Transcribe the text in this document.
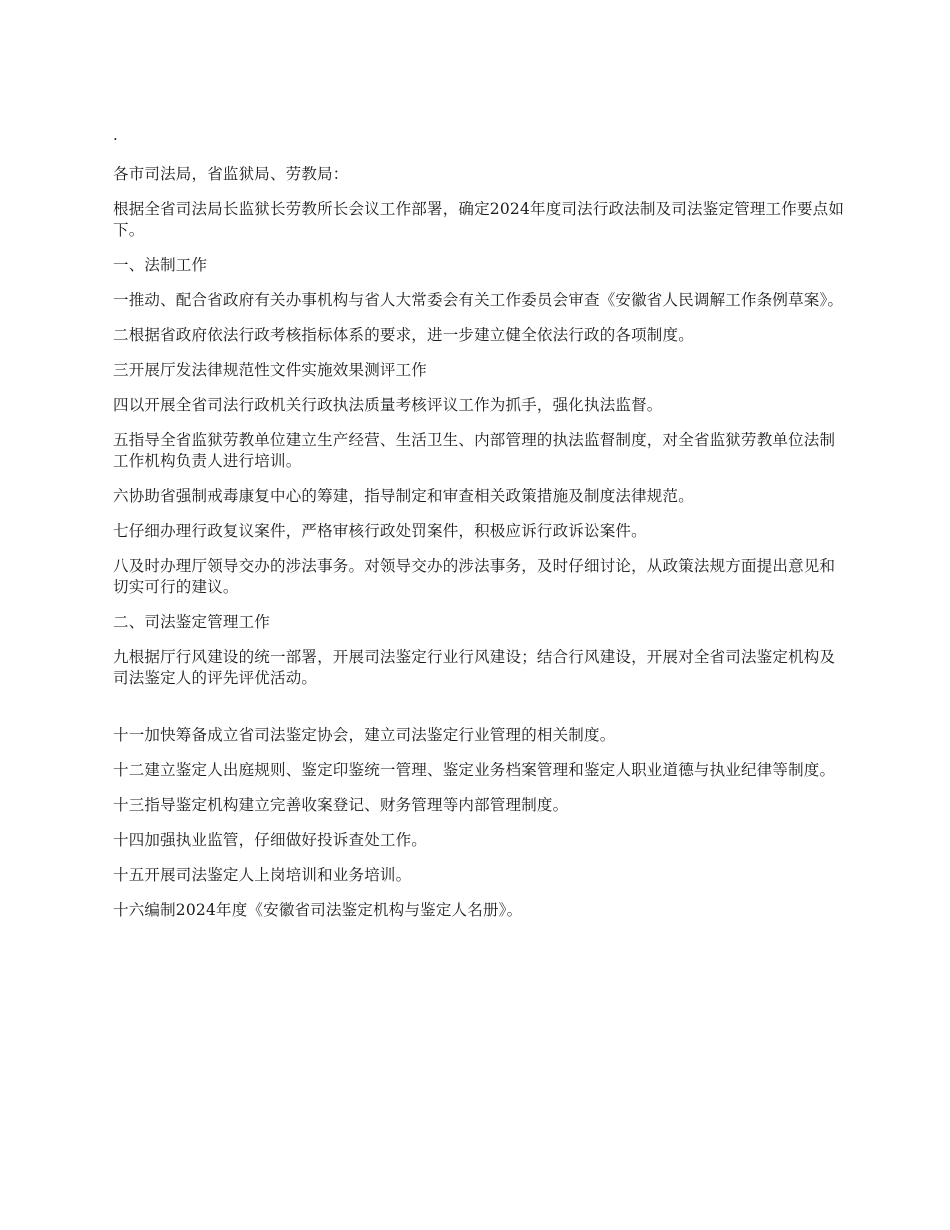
.

各市司法局，省监狱局、劳教局：

根据全省司法局长监狱长劳教所长会议工作部署，确定2024年度司法行政法制及司法鉴定管理工作要点如下。

一、法制工作

一推动、配合省政府有关办事机构与省人大常委会有关工作委员会审查《安徽省人民调解工作条例草案》。

二根据省政府依法行政考核指标体系的要求，进一步建立健全依法行政的各项制度。

三开展厅发法律规范性文件实施效果测评工作

四以开展全省司法行政机关行政执法质量考核评议工作为抓手，强化执法监督。

五指导全省监狱劳教单位建立生产经营、生活卫生、内部管理的执法监督制度，对全省监狱劳教单位法制工作机构负责人进行培训。

六协助省强制戒毒康复中心的筹建，指导制定和审查相关政策措施及制度法律规范。

七仔细办理行政复议案件，严格审核行政处罚案件，积极应诉行政诉讼案件。

八及时办理厅领导交办的涉法事务。对领导交办的涉法事务，及时仔细讨论，从政策法规方面提出意见和切实可行的建议。

二、司法鉴定管理工作

九根据厅行风建设的统一部署，开展司法鉴定行业行风建设；结合行风建设，开展对全省司法鉴定机构及司法鉴定人的评先评优活动。

十一加快筹备成立省司法鉴定协会，建立司法鉴定行业管理的相关制度。

十二建立鉴定人出庭规则、鉴定印鉴统一管理、鉴定业务档案管理和鉴定人职业道德与执业纪律等制度。

十三指导鉴定机构建立完善收案登记、财务管理等内部管理制度。

十四加强执业监管，仔细做好投诉查处工作。

十五开展司法鉴定人上岗培训和业务培训。

十六编制2024年度《安徽省司法鉴定机构与鉴定人名册》。
